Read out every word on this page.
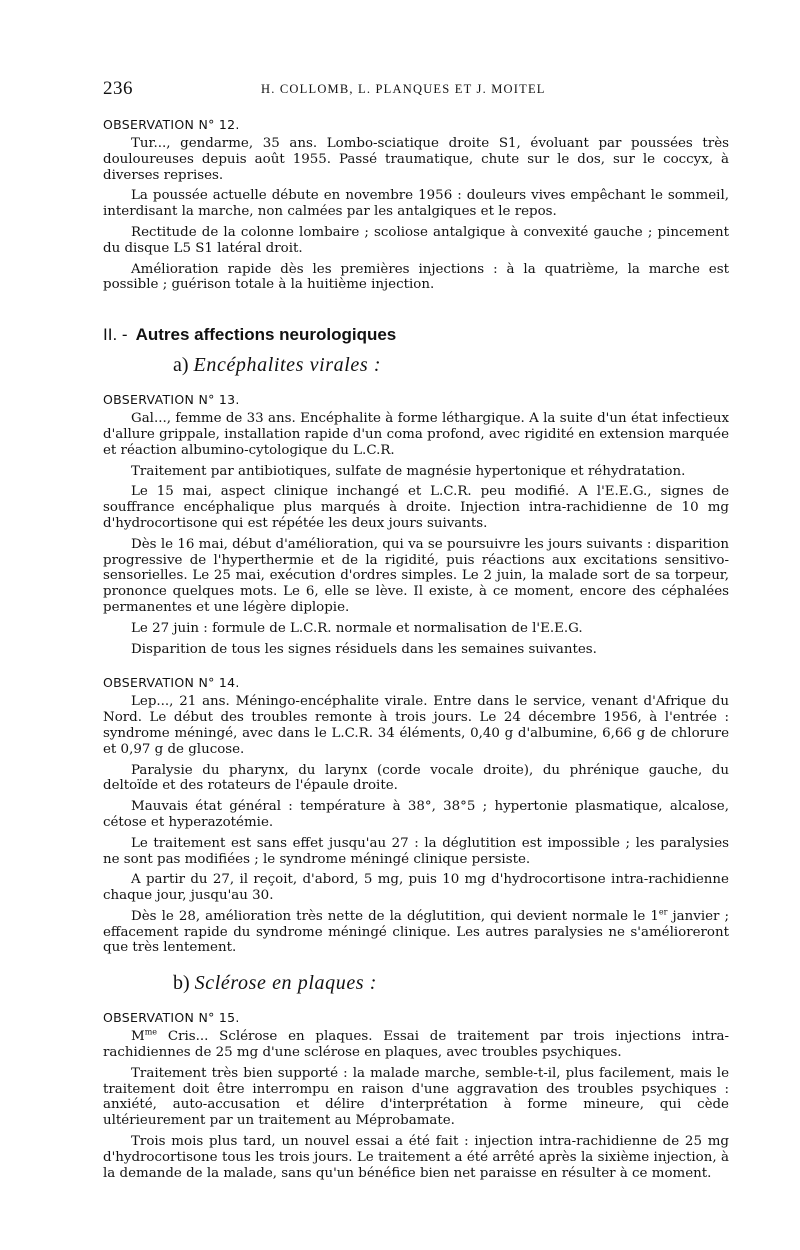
236	H. COLLOMB, L. PLANQUES ET J. MOITEL
OBSERVATION N° 12.

Tur..., gendarme, 35 ans. Lombo-sciatique droite S1, évoluant par poussées très douloureuses depuis août 1955. Passé traumatique, chute sur le dos, sur le coccyx, à diverses reprises.

La poussée actuelle débute en novembre 1956 : douleurs vives empêchant le sommeil, interdisant la marche, non calmées par les antalgiques et le repos.

Rectitude de la colonne lombaire ; scoliose antalgique à convexité gauche ; pincement du disque L5 S1 latéral droit.

Amélioration rapide dès les premières injections : à la quatrième, la marche est possible ; guérison totale à la huitième injection.

II. - Autres affections neurologiques
a) Encéphalites virales :
OBSERVATION N° 13.

Gal..., femme de 33 ans. Encéphalite à forme léthargique. A la suite d'un état infectieux d'allure grippale, installation rapide d'un coma profond, avec rigidité en extension marquée et réaction albumino-cytologique du L.C.R.

Traitement par antibiotiques, sulfate de magnésie hypertonique et réhydratation.

Le 15 mai, aspect clinique inchangé et L.C.R. peu modifié. A l'E.E.G., signes de souffrance encéphalique plus marqués à droite. Injection intra-rachidienne de 10 mg d'hydrocortisone qui est répétée les deux jours suivants.

Dès le 16 mai, début d'amélioration, qui va se poursuivre les jours suivants : disparition progressive de l'hyperthermie et de la rigidité, puis réactions aux excitations sensitivo-sensorielles. Le 25 mai, exécution d'ordres simples. Le 2 juin, la malade sort de sa torpeur, prononce quelques mots. Le 6, elle se lève. Il existe, à ce moment, encore des céphalées permanentes et une légère diplopie.

Le 27 juin : formule de L.C.R. normale et normalisation de l'E.E.G.

Disparition de tous les signes résiduels dans les semaines suivantes.

OBSERVATION N° 14.

Lep..., 21 ans. Méningo-encéphalite virale. Entre dans le service, venant d'Afrique du Nord. Le début des troubles remonte à trois jours. Le 24 décembre 1956, à l'entrée : syndrome méningé, avec dans le L.C.R. 34 éléments, 0,40 g d'albumine, 6,66 g de chlorure et 0,97 g de glucose.

Paralysie du pharynx, du larynx (corde vocale droite), du phrénique gauche, du deltoïde et des rotateurs de l'épaule droite.

Mauvais état général : température à 38°, 38°5 ; hypertonie plasmatique, alcalose, cétose et hyperazotémie.

Le traitement est sans effet jusqu'au 27 : la déglutition est impossible ; les paralysies ne sont pas modifiées ; le syndrome méningé clinique persiste.

A partir du 27, il reçoit, d'abord, 5 mg, puis 10 mg d'hydrocortisone intra-rachidienne chaque jour, jusqu'au 30.

Dès le 28, amélioration très nette de la déglutition, qui devient normale le 1er janvier ; effacement rapide du syndrome méningé clinique. Les autres paralysies ne s'amélioreront que très lentement.

b) Sclérose en plaques :
OBSERVATION N° 15.

$M^{me}$ Cris... Sclérose en plaques. Essai de traitement par trois injections intra-rachidiennes de 25 mg d'une sclérose en plaques, avec troubles psychiques.

Traitement très bien supporté : la malade marche, semble-t-il, plus facilement, mais le traitement doit être interrompu en raison d'une aggravation des troubles psychiques : anxiété, auto-accusation et délire d'interprétation à forme mineure, qui cède ultérieurement par un traitement au Méprobamate.

Trois mois plus tard, un nouvel essai a été fait : injection intra-rachidienne de 25 mg d'hydrocortisone tous les trois jours. Le traitement a été arrêté après la sixième injection, à la demande de la malade, sans qu'un bénéfice bien net paraisse en résulter à ce moment.
